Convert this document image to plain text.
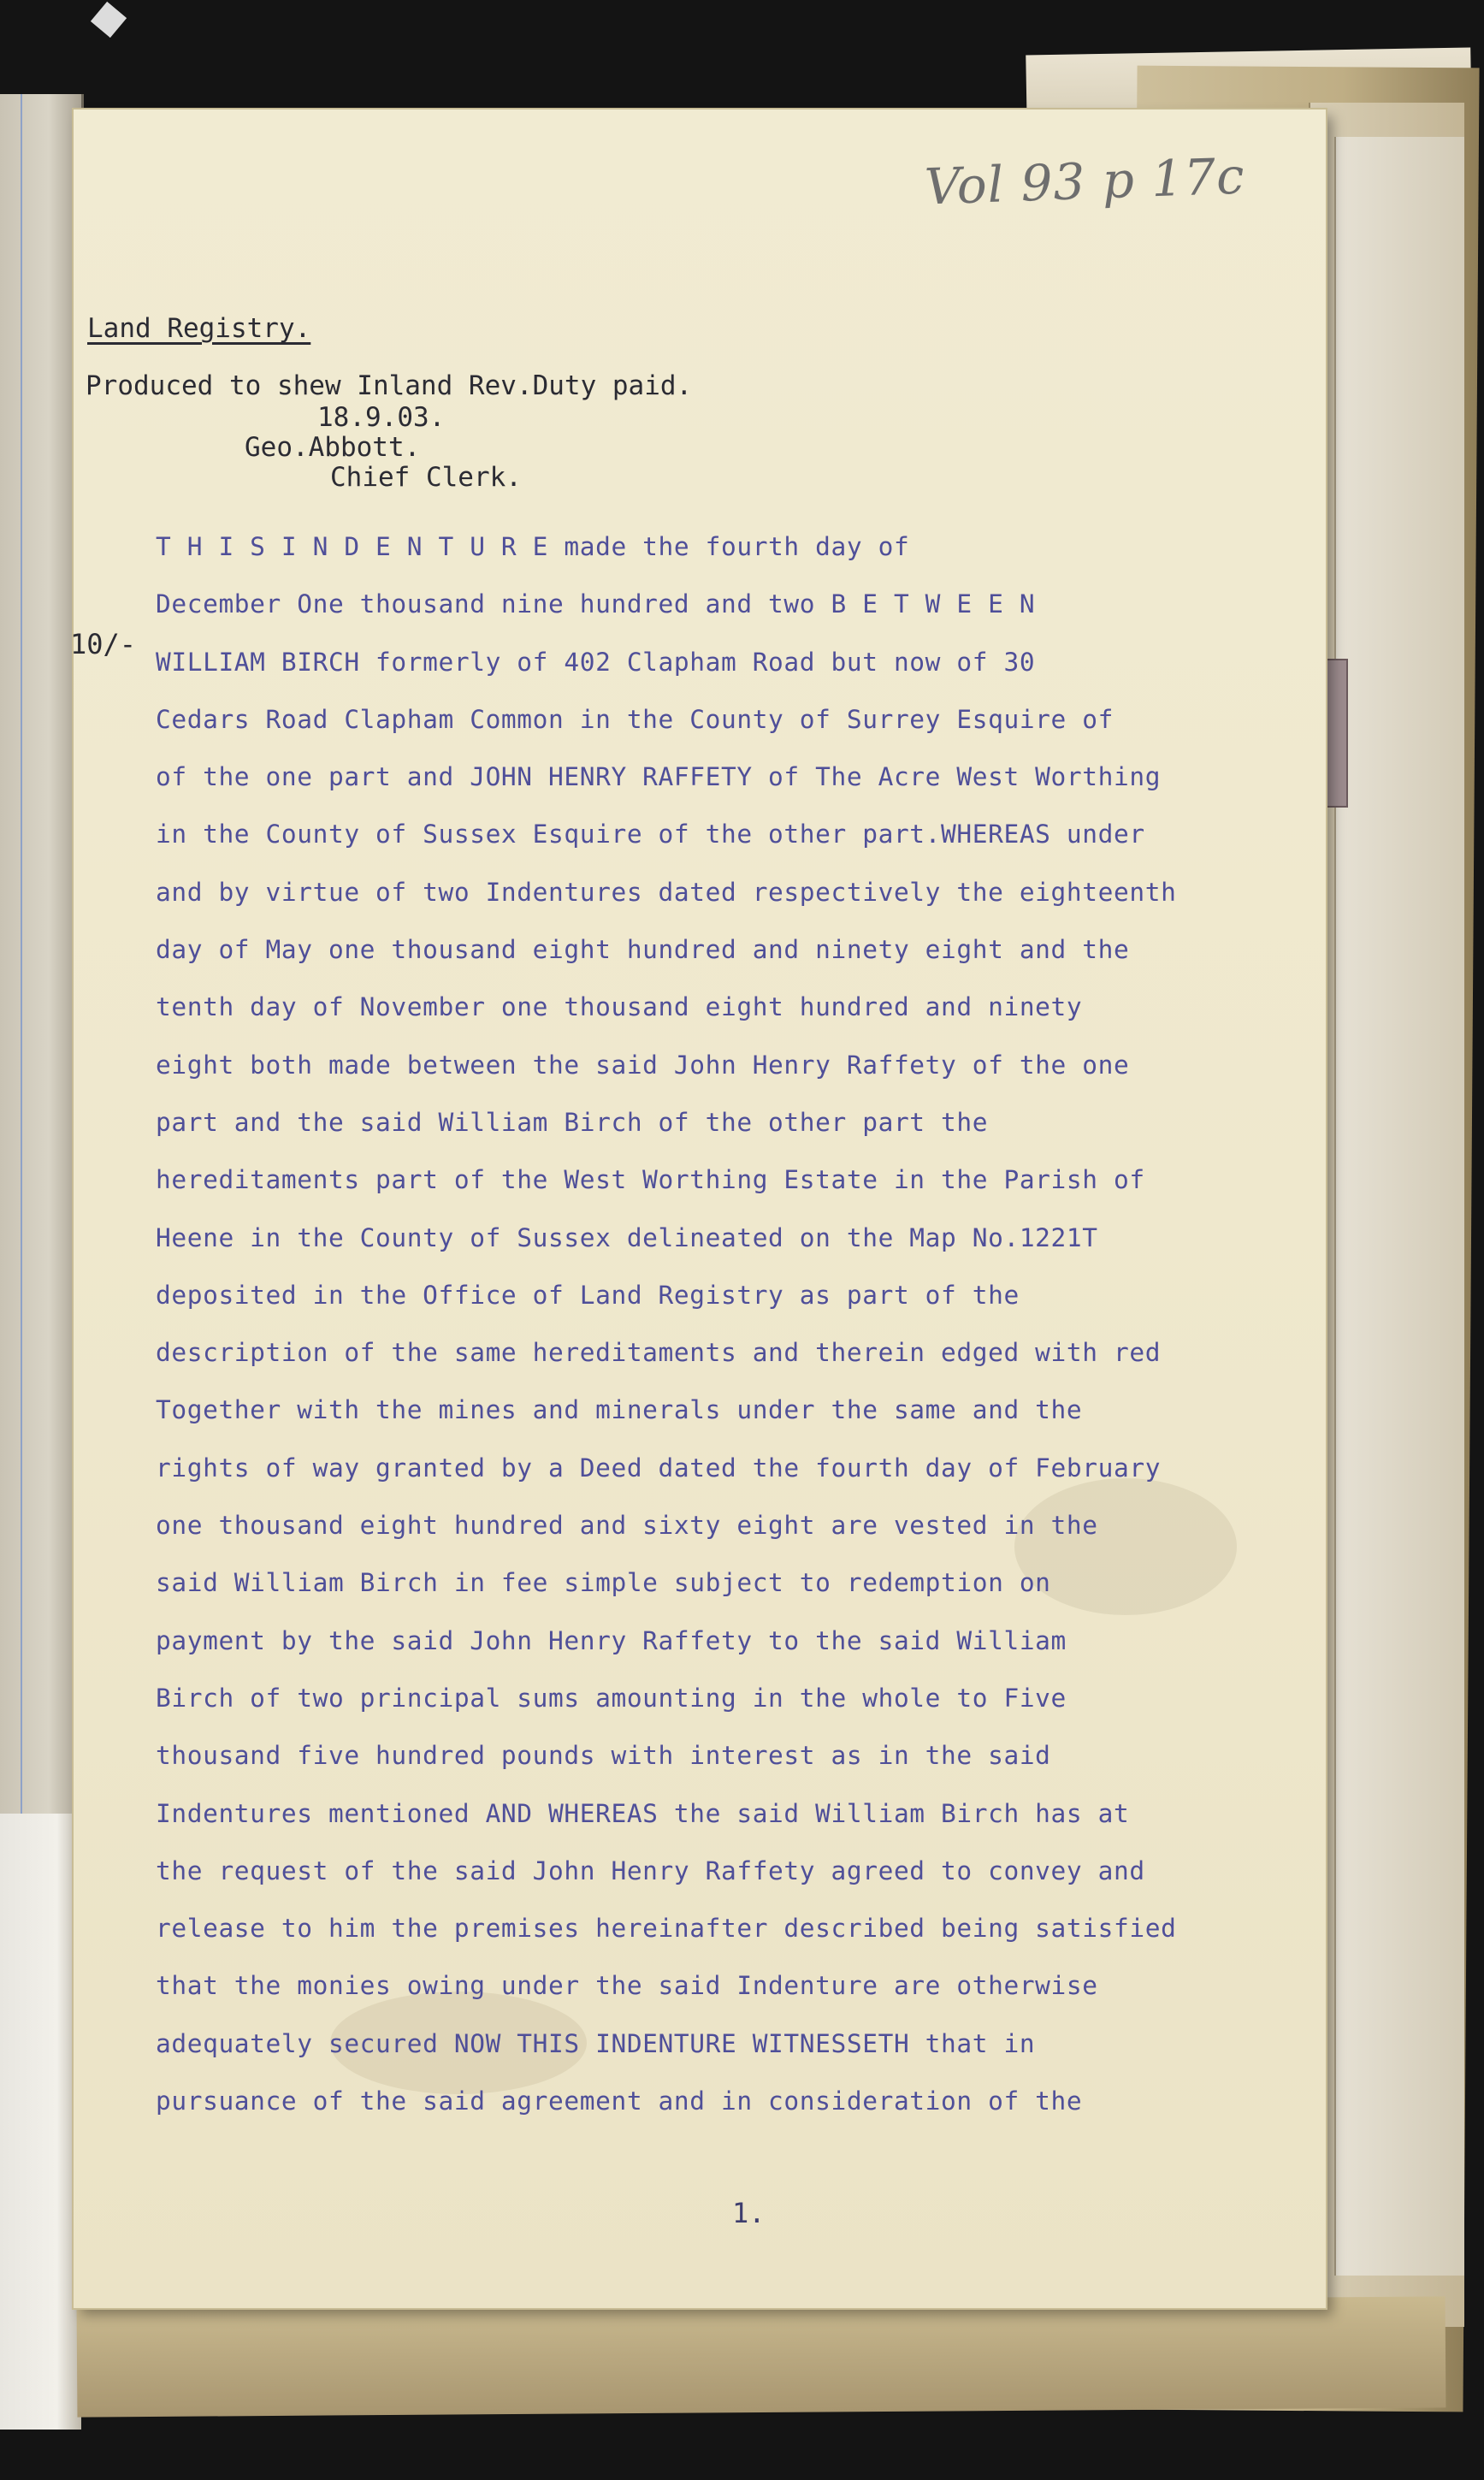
Vol 93 p 17c
Land Registry.
Produced to shew Inland Rev.Duty paid.
18.9.03.
Geo.Abbott.
Chief Clerk.
10/-
T H I S I N D E N T U R E made the fourth day of
December One thousand nine hundred and two B E T W E E N
WILLIAM BIRCH formerly of 402 Clapham Road but now of 30
Cedars Road Clapham Common in the County of Surrey Esquire of
of the one part and JOHN HENRY RAFFETY of The Acre West Worthing
in the County of Sussex Esquire of the other part.WHEREAS under
and by virtue of two Indentures dated respectively the eighteenth
day of May one thousand eight hundred and ninety eight and the
tenth day of November one thousand eight hundred and ninety
eight both made between the said John Henry Raffety of the one
part and the said William Birch of the other part the
hereditaments part of the West Worthing Estate in the Parish of
Heene in the County of Sussex delineated on the Map No.1221T
deposited in the Office of Land Registry as part of the
description of the same hereditaments and therein edged with red
Together with the mines and minerals under the same and the
rights of way granted by a Deed dated the fourth day of February
one thousand eight hundred and sixty eight are vested in the
said William Birch in fee simple subject to redemption on
payment by the said John Henry Raffety to the said William
Birch of two principal sums amounting in the whole to Five
thousand five hundred pounds with interest as in the said
Indentures mentioned AND WHEREAS the said William Birch has at
the request of the said John Henry Raffety agreed to convey and
release to him the premises hereinafter described being satisfied
that the monies owing under the said Indenture are otherwise
adequately secured NOW THIS INDENTURE WITNESSETH that in
pursuance of the said agreement and in consideration of the
1.
